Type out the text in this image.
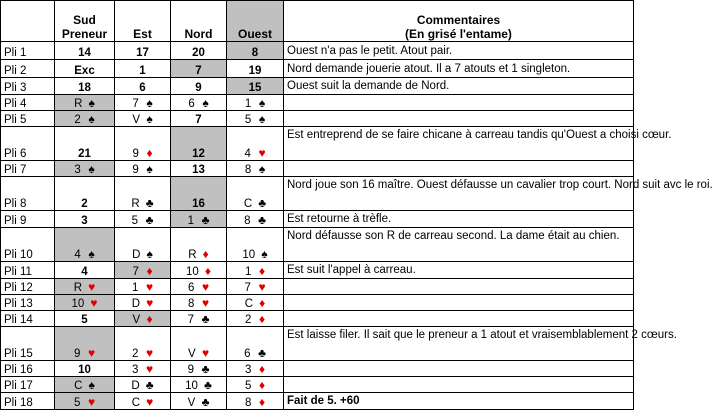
	Sud
Preneur	Est	Nord	Ouest	Commentaires
(En grisé l'entame)
Pli 1	14	17	20	8	Ouest n'a pas le petit. Atout pair.
Pli 2	Exc	1	7	19	Nord demande jouerie atout. Il a 7 atouts et 1 singleton.
Pli 3	18	6	9	15	Ouest suit la demande de Nord.
Pli 4	R ♠	7 ♠	6 ♠	1 ♠	
Pli 5	2 ♠	V ♠	7	5 ♠	
Pli 6	21	9 ♦	12	4 ♥	Est entreprend de se faire chicane à carreau tandis qu'Ouest a choisi cœur.
Pli 7	3 ♠	9 ♠	13	8 ♠	
Pli 8	2	R ♣	16	C ♣	Nord joue son 16 maître. Ouest défausse un cavalier trop court. Nord suit avc le roi.
Pli 9	3	5 ♣	1 ♣	8 ♣	Est retourne à trèfle.
Pli 10	4 ♠	D ♠	R ♦	10 ♠	Nord défausse son R de carreau second. La dame était au chien.
Pli 11	4	7 ♦	10 ♦	1 ♦	Est suit l'appel à carreau.
Pli 12	R ♥	1 ♥	6 ♥	7 ♥	
Pli 13	10 ♥	D ♥	8 ♥	C ♦	
Pli 14	5	V ♦	7 ♣	2 ♦	
Pli 15	9 ♥	2 ♥	V ♥	6 ♣	Est laisse filer. Il sait que le preneur a 1 atout et vraisemblablement 2 cœurs.
Pli 16	10	3 ♥	9 ♣	3 ♦	
Pli 17	C ♠	D ♣	10 ♣	5 ♦	
Pli 18	5 ♥	C ♥	V ♣	8 ♦	Fait de 5. +60
